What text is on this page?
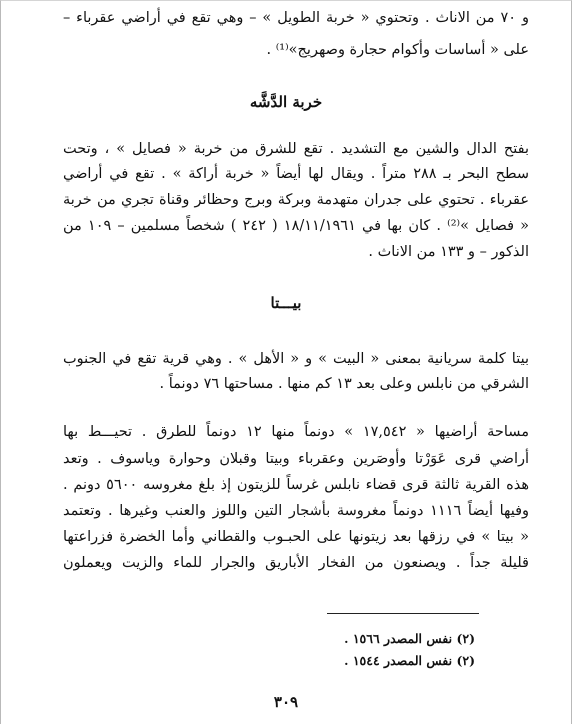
و ٧٠ من الاناث . وتحتوي « خربة الطويل » – وهي تقع في أراضي عقرباء –
على « أساسات وأكوام حجارة وصهريج»⁽¹⁾ .
خربة الدَّشَّه
بفتح الدال والشين مع التشديد . تقع للشرق من خربة « فصايل » ، وتحت
سطح البحر بـ ٢٨٨ متراً . ويقال لها أيضاً « خربة أراكة » . تقع في أراضي
عقرباء . تحتوي على جدران متهدمة وبركة وبرج وحظائر وقناة تجري من خربة
« فصايل »⁽²⁾ . كان بها في ١٨/١١/١٩٦١ ( ٢٤٢ ) شخصاً مسلمين – ١٠٩ من
الذكور – و ١٣٣ من الاناث .
بيـــتا
بيتا كلمة سريانية بمعنى « البيت » و « الأهل » . وهي قرية تقع في الجنوب
الشرقي من نابلس وعلى بعد ١٣ كم منها . مساحتها ٧٦ دونماً .
مساحة أراضيها « ١٧,٥٤٢ » دونماً منها ١٢ دونماً للطرق . تحيـــط بها
أراضي قرى عَوَرْتا وأَوصَرين وعقرباء وبيتا وقبلان وحوارة وياسوف . وتعد
هذه القرية ثالثة قرى قضاء نابلس غرساً للزيتون إذ بلغ مغروسه ٥٦٠٠ دونم .
وفيها أيضاً ١١١٦ دونماً مغروسة بأشجار التين واللوز والعنب وغيرها . وتعتمد
« بيتا » في رزقها بعد زيتونها على الحبـوب والقطاني وأما الخضرة فزراعتها
قليلة جداً . ويصنعون من الفخار الأباريق والجرار للماء والزيت ويعملون
(٢) نفس المصدر ١٥٦٦ .
(٢) نفس المصدر ١٥٤٤ .
٣٠٩
